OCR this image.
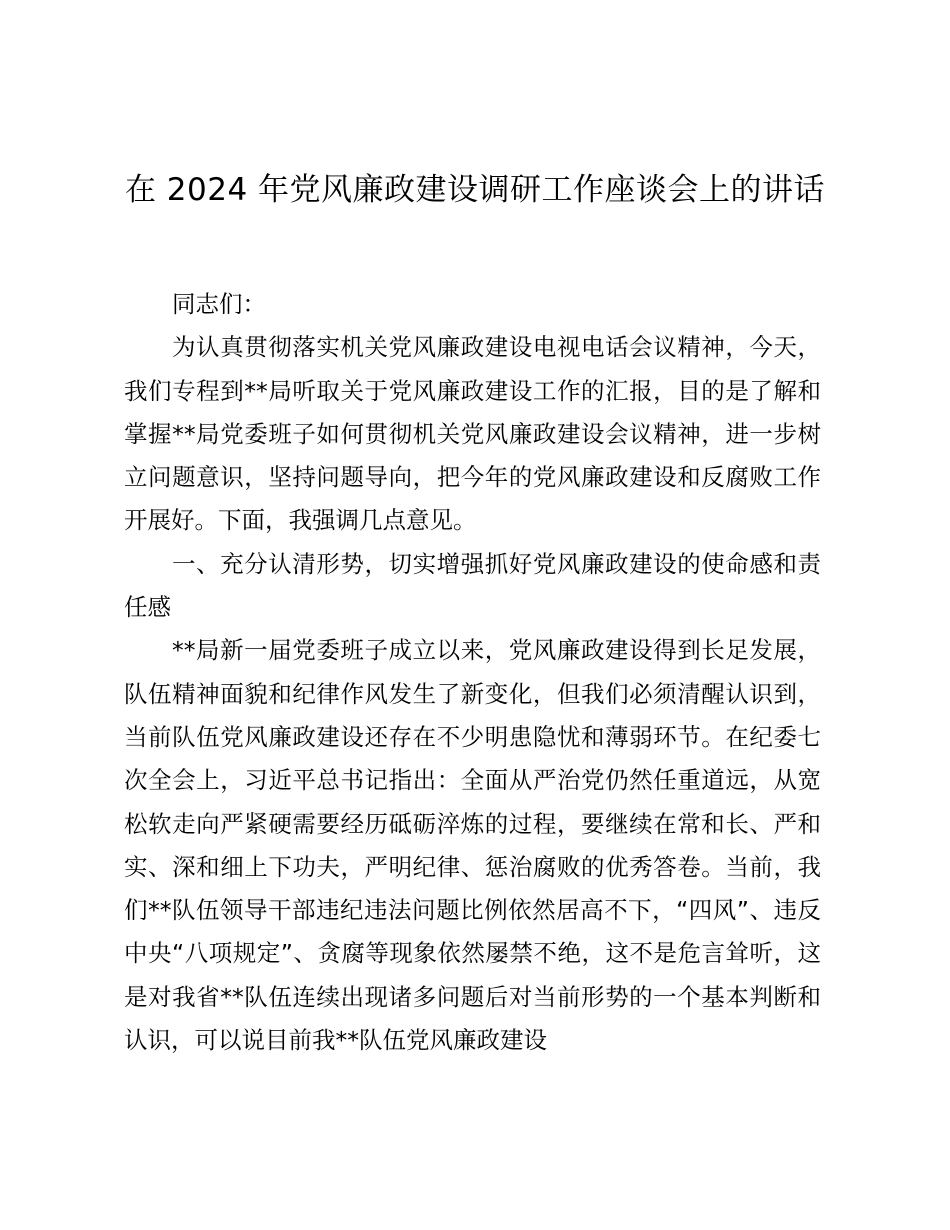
在 2024 年党风廉政建设调研工作座谈会上的讲话

同志们：

为认真贯彻落实机关党风廉政建设电视电话会议精神，今天，我们专程到**局听取关于党风廉政建设工作的汇报，目的是了解和掌握**局党委班子如何贯彻机关党风廉政建设会议精神，进一步树立问题意识，坚持问题导向，把今年的党风廉政建设和反腐败工作开展好。下面，我强调几点意见。

一、充分认清形势，切实增强抓好党风廉政建设的使命感和责任感

**局新一届党委班子成立以来，党风廉政建设得到长足发展，队伍精神面貌和纪律作风发生了新变化，但我们必须清醒认识到，当前队伍党风廉政建设还存在不少明患隐忧和薄弱环节。在纪委七次全会上，习近平总书记指出：全面从严治党仍然任重道远，从宽松软走向严紧硬需要经历砥砺淬炼的过程，要继续在常和长、严和实、深和细上下功夫，严明纪律、惩治腐败的优秀答卷。当前，我们**队伍领导干部违纪违法问题比例依然居高不下，“四风”、违反中央“八项规定”、贪腐等现象依然屡禁不绝，这不是危言耸听，这是对我省**队伍连续出现诸多问题后对当前形势的一个基本判断和认识，可以说目前我**队伍党风廉政建设
